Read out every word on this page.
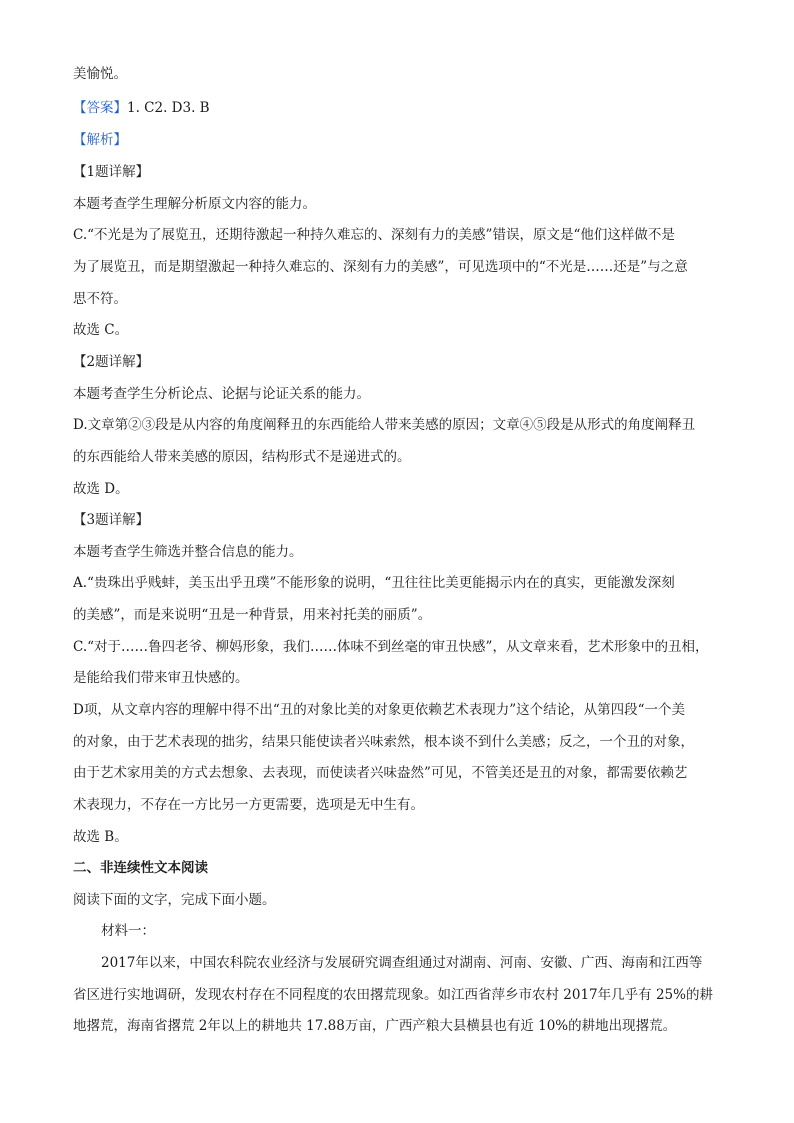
美愉悦。
【答案】1. C2. D3. B
【解析】
【1题详解】
本题考查学生理解分析原文内容的能力。
C.“不光是为了展览丑，还期待激起一种持久难忘的、深刻有力的美感”错误，原文是“他们这样做不是
为了展览丑，而是期望激起一种持久难忘的、深刻有力的美感”，可见选项中的“不光是……还是”与之意
思不符。
故选 C。
【2题详解】
本题考查学生分析论点、论据与论证关系的能力。
D.文章第②③段是从内容的角度阐释丑的东西能给人带来美感的原因；文章④⑤段是从形式的角度阐释丑
的东西能给人带来美感的原因，结构形式不是递进式的。
故选 D。
【3题详解】
本题考查学生筛选并整合信息的能力。
A.“贵珠出乎贱蚌，美玉出乎丑璞”不能形象的说明，“丑往往比美更能揭示内在的真实，更能激发深刻
的美感”，而是来说明“丑是一种背景，用来衬托美的丽质”。
C.“对于……鲁四老爷、柳妈形象，我们……体味不到丝毫的审丑快感”，从文章来看，艺术形象中的丑相，
是能给我们带来审丑快感的。
D项，从文章内容的理解中得不出“丑的对象比美的对象更依赖艺术表现力”这个结论，从第四段“一个美
的对象，由于艺术表现的拙劣，结果只能使读者兴味索然，根本谈不到什么美感；反之，一个丑的对象，
由于艺术家用美的方式去想象、去表现，而使读者兴味盎然”可见，不管美还是丑的对象，都需要依赖艺
术表现力，不存在一方比另一方更需要，选项是无中生有。
故选 B。
二、非连续性文本阅读
阅读下面的文字，完成下面小题。
材料一：
2017年以来，中国农科院农业经济与发展研究调查组通过对湖南、河南、安徽、广西、海南和江西等
省区进行实地调研，发现农村存在不同程度的农田撂荒现象。如江西省萍乡市农村 2017年几乎有 25%的耕
地撂荒，海南省撂荒 2年以上的耕地共 17.88万亩，广西产粮大县横县也有近 10%的耕地出现撂荒。
